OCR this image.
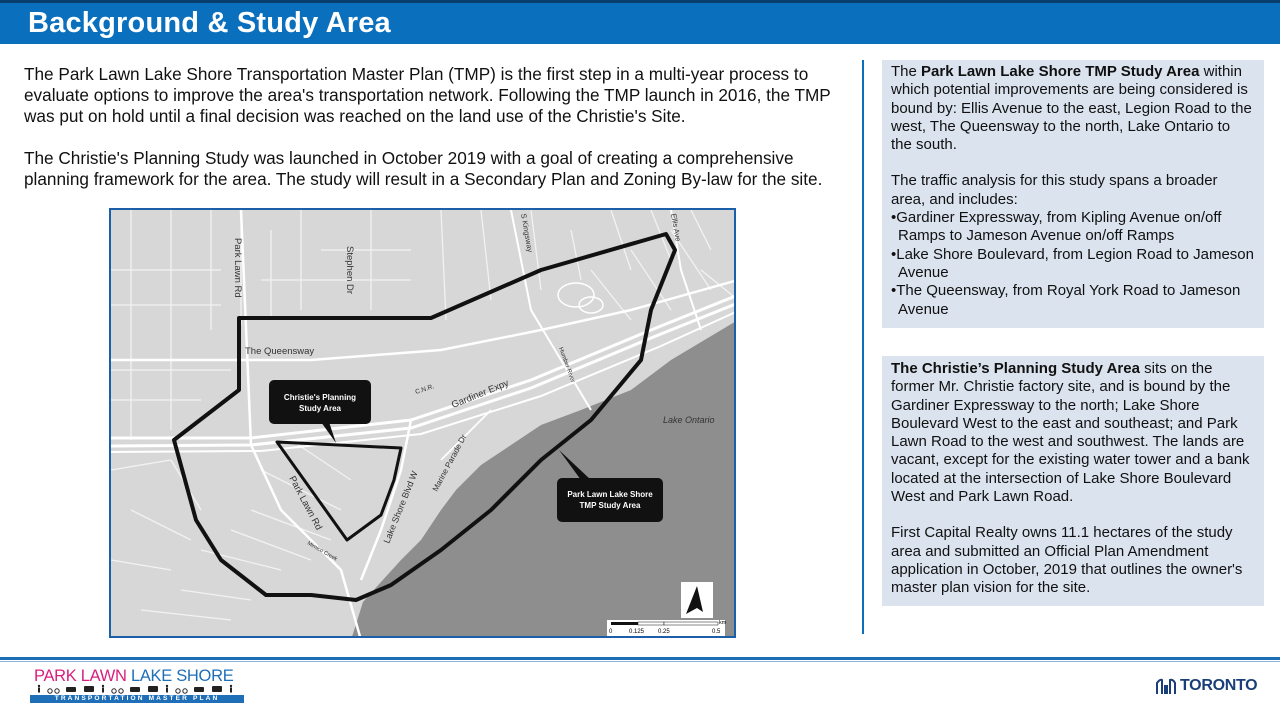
Background & Study Area

The Park Lawn Lake Shore Transportation Master Plan (TMP) is the first step in a multi-year process to evaluate options to improve the area's transportation network. Following the TMP launch in 2016, the TMP was put on hold until a final decision was reached on the land use of the Christie's Site.

The Christie's Planning Study was launched in October 2019 with a goal of creating a comprehensive planning framework for the area. The study will result in a Secondary Plan and Zoning By-law for the site.

Christie's Planning
Study Area
Park Lawn Lake Shore
TMP Study Area
Park Lawn Rd	Stephen Dr
S Kingsway	Ellis Ave
The Queensway
C.N.R. Gardiner Expy
Humber River
Lake Ontario
Marine Parade Dr
Lake Shore Blvd W
Park Lawn Rd
Mimico Creek
0	0.125 0.25	0.5
km

The Park Lawn Lake Shore TMP Study Area within which potential improvements are being considered is bound by: Ellis Avenue to the east, Legion Road to the west, The Queensway to the north, Lake Ontario to the south.

The traffic analysis for this study spans a broader area, and includes:

•Gardiner Expressway, from Kipling Avenue on/off Ramps to Jameson Avenue on/off Ramps
•Lake Shore Boulevard, from Legion Road to Jameson Avenue
•The Queensway, from Royal York Road to Jameson Avenue

The Christie’s Planning Study Area sits on the former Mr. Christie factory site, and is bound by the Gardiner Expressway to the north; Lake Shore Boulevard West to the east and southeast; and Park Lawn Road to the west and southwest. The lands are vacant, except for the existing water tower and a bank located at the intersection of Lake Shore Boulevard West and Park Lawn Road.

First Capital Realty owns 11.1 hectares of the study area and submitted an Official Plan Amendment application in October, 2019 that outlines the owner's master plan vision for the site.

PARK LAWN LAKE SHORE
TRANSPORTATION MASTER PLAN
TORONTO
